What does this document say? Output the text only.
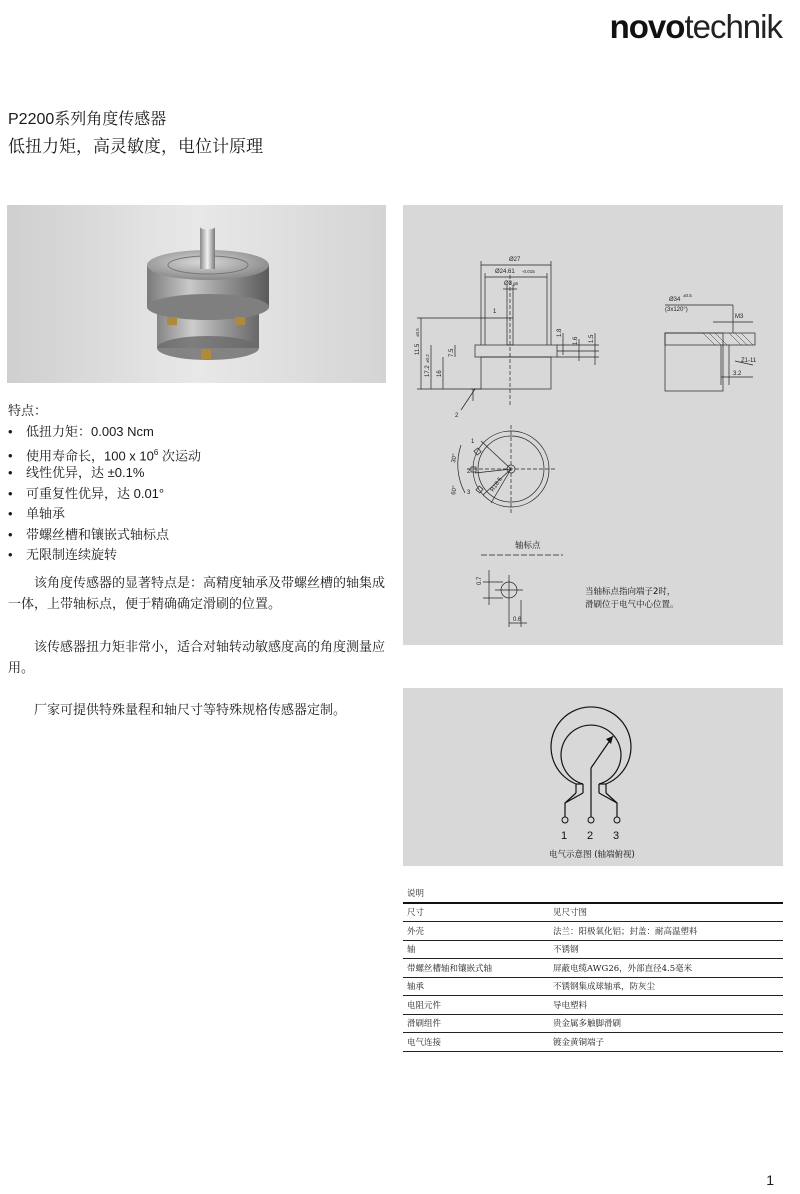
novotechnik
P2200系列角度传感器
低扭力矩，高灵敏度，电位计原理
特点：
• 低扭力矩：0.003 Ncm
• 使用寿命长，100 x $10^6$ 次运动
• 线性优异，达 ±0.1%
• 可重复性优异，达 0.01°
• 单轴承
• 带螺丝槽和镶嵌式轴标点
• 无限制连续旋转

该角度传感器的显著特点是：高精度轴承及带螺丝槽的轴集成一体，上带轴标点，便于精确确定滑刷的位置。

该传感器扭力矩非常小，适合对轴转动敏感度高的角度测量应用。

厂家可提供特殊量程和轴尺寸等特殊规格传感器定制。

Ø27
Ø24.61 -0.015
Ø3 g6
1
11.5
±0.5
17.2
±0.2
16
7.5
1.8
1.6 1.5
2
Ø34
±0.5
(3x120°)
M3
Z1-11
3.2
1
2
3
30°
60°	R18.5
轴标点
0.7
0.6
当轴标点指向端子2时，
滑刷位于电气中心位置。
1 2 3
电气示意图 (轴端俯视)
说明	
尺寸	见尺寸图
外壳	法兰：阳极氧化铝；封盖：耐高温塑料
轴	不锈钢
带螺丝槽轴和镶嵌式轴	屏蔽电缆AWG26，外部直径4.5毫米
轴承	不锈钢集成球轴承，防灰尘
电阻元件	导电塑料
滑刷组件	贵金属多触脚滑刷
电气连接	镀金黄铜端子
1
